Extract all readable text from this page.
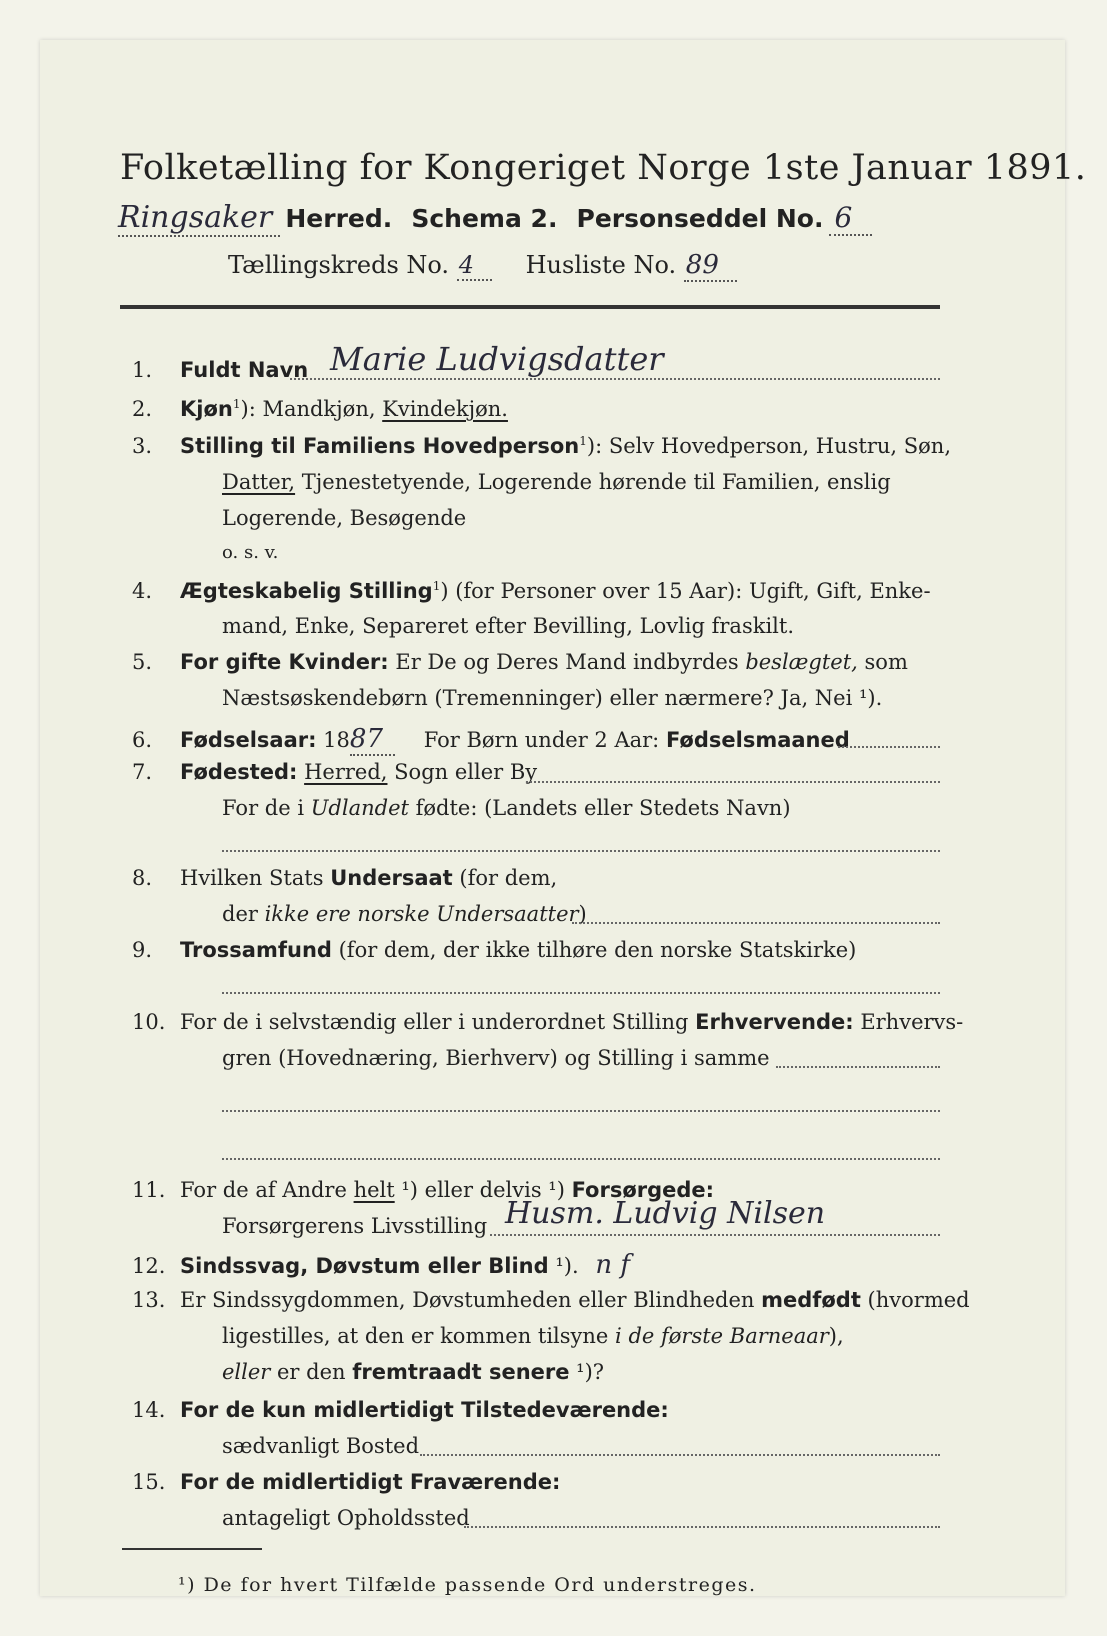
Folketælling for Kongeriget Norge 1ste Januar 1891.
Ringsaker Herred. Schema 2. Personseddel No. 6
Tællingskreds No. 4 Husliste No. 89
1. Fuldt Navn Marie Ludvigsdatter
2. Kjøn$^1$): Mandkjøn, Kvindekjøn.
3. Stilling til Familiens Hovedperson$^1$): Selv Hovedperson, Hustru, Søn,
Datter, Tjenestetyende, Logerende hørende til Familien, enslig
Logerende, Besøgende
o. s. v.
4. Ægteskabelig Stilling$^1$) (for Personer over 15 Aar): Ugift, Gift, Enke-
mand, Enke, Separeret efter Bevilling, Lovlig fraskilt.
5. For gifte Kvinder: Er De og Deres Mand indbyrdes beslægtet, som
Næstsøskendebørn (Tremenninger) eller nærmere? Ja, Nei ¹).
6. Fødselsaar: 1887 For Børn under 2 Aar: Fødselsmaaned
7. Fødested: Herred, Sogn eller By
For de i Udlandet fødte: (Landets eller Stedets Navn)
8. Hvilken Stats Undersaat (for dem,
der ikke ere norske Undersaatter)
9. Trossamfund (for dem, der ikke tilhøre den norske Statskirke)
10. For de i selvstændig eller i underordnet Stilling Erhvervende: Erhvervs-
gren (Hovednæring, Bierhverv) og Stilling i samme
11. For de af Andre helt ¹) eller delvis ¹) Forsørgede:
Forsørgerens Livsstilling Husm. Ludvig Nilsen
12. Sindssvag, Døvstum eller Blind ¹). n f
13. Er Sindssygdommen, Døvstumheden eller Blindheden medfødt (hvormed
ligestilles, at den er kommen tilsyne i de første Barneaar),
eller er den fremtraadt senere ¹)?
14. For de kun midlertidigt Tilstedeværende:
sædvanligt Bosted
15. For de midlertidigt Fraværende:
antageligt Opholdssted
¹) De for hvert Tilfælde passende Ord understreges.
